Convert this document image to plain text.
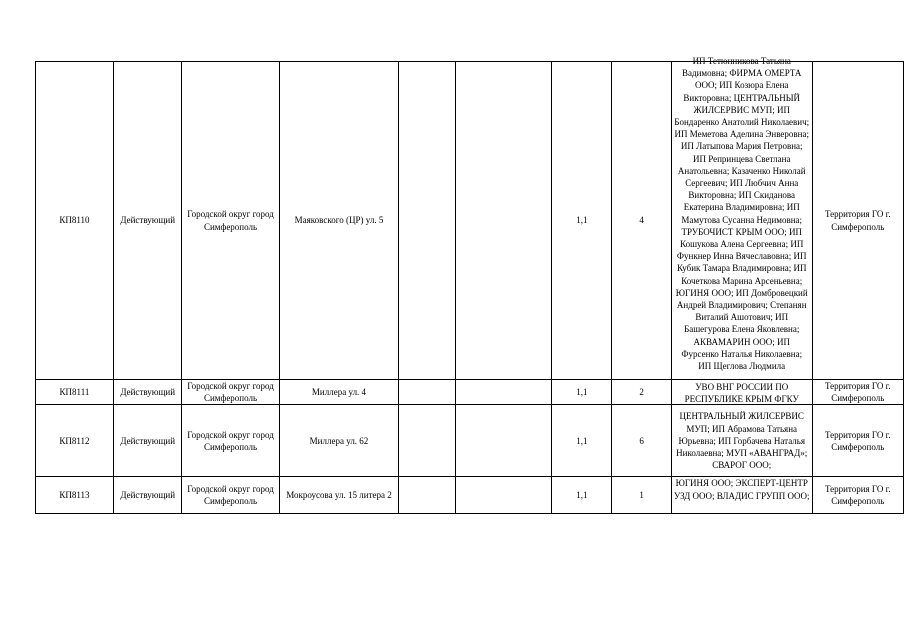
КП8110	Действующий	Городской округ город Симферополь	Маяковского (ЦР) ул. 5			1,1	4	ИП Тетюнникова Татьяна Вадимовна; ФИРМА ОМЕРТА ООО; ИП Козюра Елена Викторовна; ЦЕНТРАЛЬНЫЙ ЖИЛСЕРВИС МУП; ИП Бондаренко Анатолий Николаевич; ИП Меметова Аделина Энверовна; ИП Латыпова Мария Петровна; ИП Репринцева Светлана Анатольевна; Казаченко Николай Сергеевич; ИП Любчич Анна Викторовна; ИП Скиданова Екатерина Владимировна; ИП Мамутова Сусанна Недимовна; ТРУБОЧИСТ КРЫМ ООО; ИП Кошукова Алена Сергеевна; ИП Функнер Инна Вячеславовна; ИП Кубик Тамара Владимировна; ИП Кочеткова Марина Арсеньевна; ЮГИНЯ ООО; ИП Домбровецкий Андрей Владимирович; Степанян Виталий Ашотович; ИП Башегурова Елена Яковлевна; АКВАМАРИН ООО; ИП Фурсенко Наталья Николаевна; ИП Щеглова Людмила	Территория ГО г. Симферополь
КП8111	Действующий	Городской округ город Симферополь	Миллера ул. 4			1,1	2	УВО ВНГ РОССИИ ПО РЕСПУБЛИКЕ КРЫМ ФГКУ	Территория ГО г. Симферополь
КП8112	Действующий	Городской округ город Симферополь	Миллера ул. 62			1,1	6	ЦЕНТРАЛЬНЫЙ ЖИЛСЕРВИС МУП; ИП Абрамова Татьяна Юрьевна; ИП Горбачева Наталья Николаевна; МУП «АВАНГРАД»; СВАРОГ ООО;	Территория ГО г. Симферополь
КП8113	Действующий	Городской округ город Симферополь	Мокроусова ул. 15 литера 2			1,1	1	ЮГИНЯ ООО; ЭКСПЕРТ-ЦЕНТР УЗД ООО; ВЛАДИС ГРУПП ООО;	Территория ГО г. Симферополь
